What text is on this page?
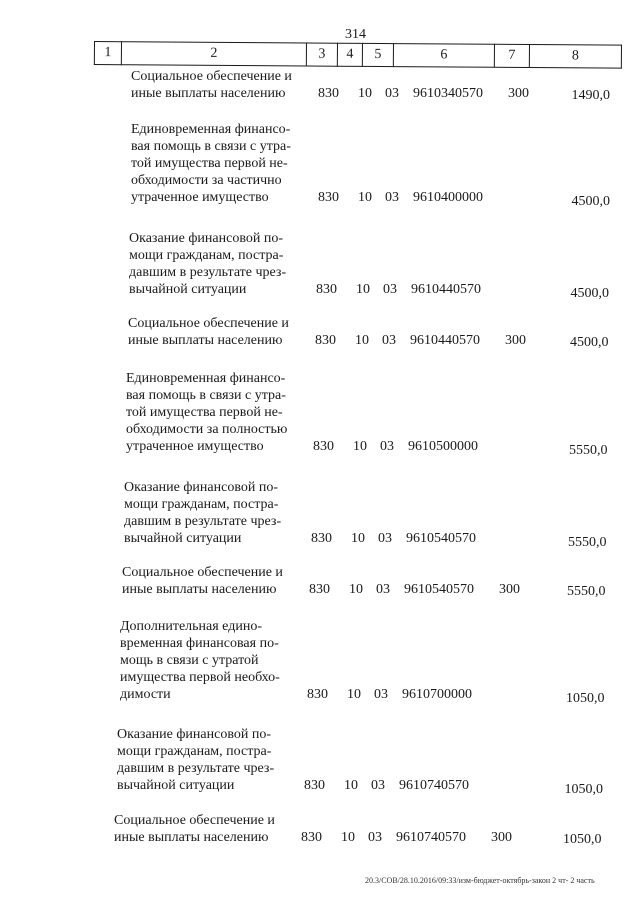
314
1	2	3	4	5	6	7	8
Социальное обеспечение и
иные выплаты населению	830 10 03 9610340570 300	1490,0
Единовременная финансо-
вая помощь в связи с утра-
той имущества первой не-
обходимости за частично
утраченное имущество	830 10 03 9610400000	4500,0
Оказание финансовой по-
мощи гражданам, постра-
давшим в результате чрез-
вычайной ситуации	830 10 03 9610440570	4500,0
Социальное обеспечение и
иные выплаты населению	830 10 03 9610440570 300	4500,0
Единовременная финансо-
вая помощь в связи с утра-
той имущества первой не-
обходимости за полностью
утраченное имущество	830 10 03 9610500000	5550,0
Оказание финансовой по-
мощи гражданам, постра-
давшим в результате чрез-
вычайной ситуации	830 10 03 9610540570	5550,0
Социальное обеспечение и
иные выплаты населению	830 10 03 9610540570 300	5550,0
Дополнительная едино-
временная финансовая по-
мощь в связи с утратой
имущества первой необхо-
димости	830 10 03 9610700000	1050,0
Оказание финансовой по-
мощи гражданам, постра-
давшим в результате чрез-
вычайной ситуации	830 10 03 9610740570	1050,0
Социальное обеспечение и
иные выплаты населению	830 10 03 9610740570 300	1050,0
20.3/СОВ/28.10.2016/09:33/изм-бюджет-октябрь-закон 2 чт- 2 часть
